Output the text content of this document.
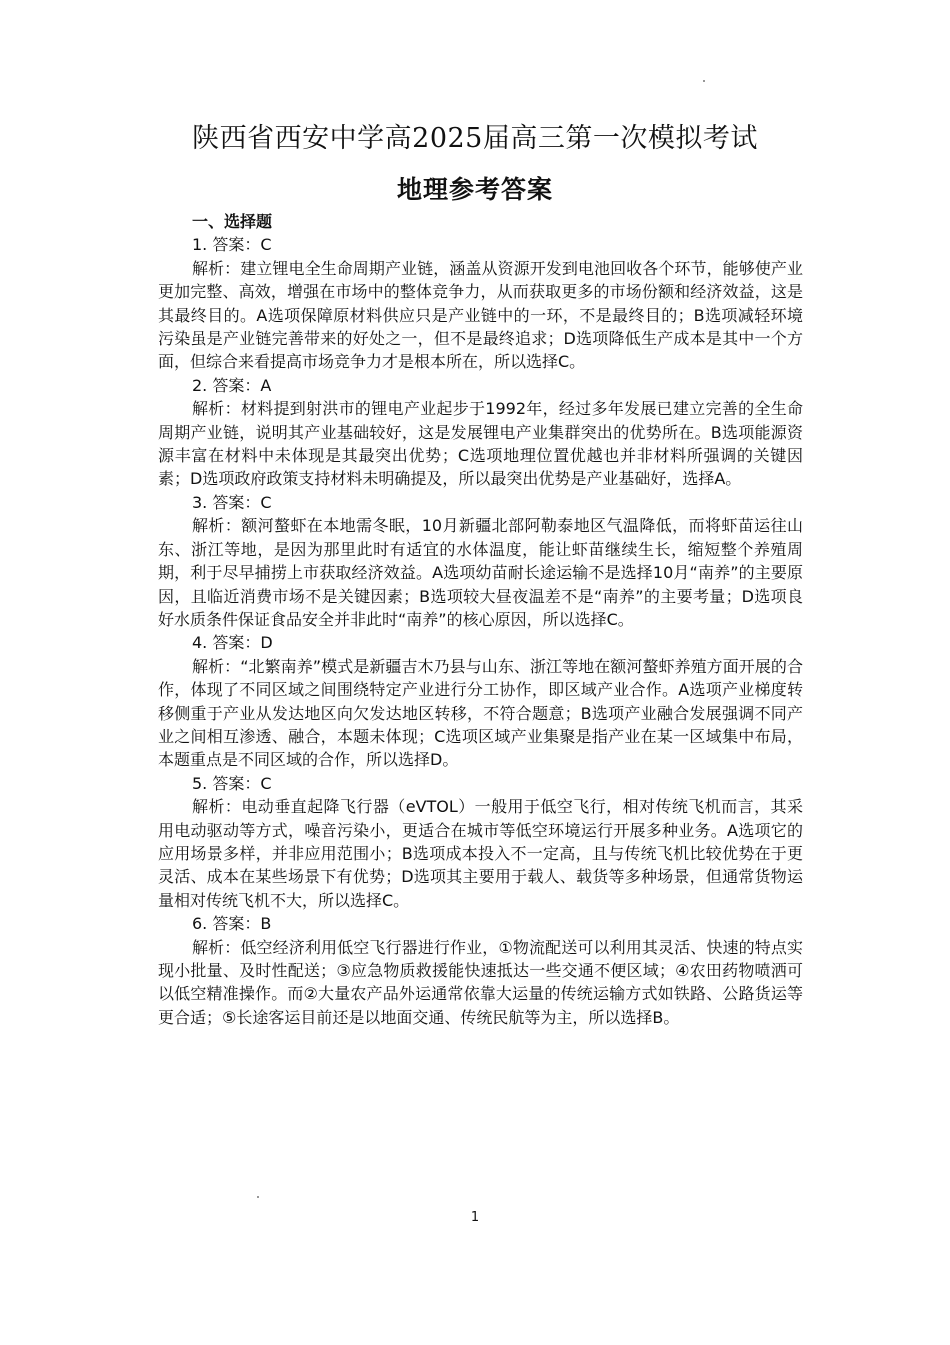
陕西省西安中学高2025届高三第一次模拟考试
地理参考答案

一、选择题

1. 答案：C

解析：建立锂电全生命周期产业链，涵盖从资源开发到电池回收各个环节，能够使产业更加完整、高效，增强在市场中的整体竞争力，从而获取更多的市场份额和经济效益，这是其最终目的。A选项保障原材料供应只是产业链中的一环，不是最终目的；B选项减轻环境污染虽是产业链完善带来的好处之一，但不是最终追求；D选项降低生产成本是其中一个方面，但综合来看提高市场竞争力才是根本所在，所以选择C。

2. 答案：A

解析：材料提到射洪市的锂电产业起步于1992年，经过多年发展已建立完善的全生命周期产业链，说明其产业基础较好，这是发展锂电产业集群突出的优势所在。B选项能源资源丰富在材料中未体现是其最突出优势；C选项地理位置优越也并非材料所强调的关键因素；D选项政府政策支持材料未明确提及，所以最突出优势是产业基础好，选择A。

3. 答案：C

解析：额河螯虾在本地需冬眠，10月新疆北部阿勒泰地区气温降低，而将虾苗运往山东、浙江等地，是因为那里此时有适宜的水体温度，能让虾苗继续生长，缩短整个养殖周期，利于尽早捕捞上市获取经济效益。A选项幼苗耐长途运输不是选择10月“南养”的主要原因，且临近消费市场不是关键因素；B选项较大昼夜温差不是“南养”的主要考量；D选项良好水质条件保证食品安全并非此时“南养”的核心原因，所以选择C。

4. 答案：D

解析：“北繁南养”模式是新疆吉木乃县与山东、浙江等地在额河螯虾养殖方面开展的合作，体现了不同区域之间围绕特定产业进行分工协作，即区域产业合作。A选项产业梯度转移侧重于产业从发达地区向欠发达地区转移，不符合题意；B选项产业融合发展强调不同产业之间相互渗透、融合，本题未体现；C选项区域产业集聚是指产业在某一区域集中布局，本题重点是不同区域的合作，所以选择D。

5. 答案：C

解析：电动垂直起降飞行器（eVTOL）一般用于低空飞行，相对传统飞机而言，其采用电动驱动等方式，噪音污染小，更适合在城市等低空环境运行开展多种业务。A选项它的应用场景多样，并非应用范围小；B选项成本投入不一定高，且与传统飞机比较优势在于更灵活、成本在某些场景下有优势；D选项其主要用于载人、载货等多种场景，但通常货物运量相对传统飞机不大，所以选择C。

6. 答案：B

解析：低空经济利用低空飞行器进行作业，①物流配送可以利用其灵活、快速的特点实现小批量、及时性配送；③应急物质救援能快速抵达一些交通不便区域；④农田药物喷洒可以低空精准操作。而②大量农产品外运通常依靠大运量的传统运输方式如铁路、公路货运等更合适；⑤长途客运目前还是以地面交通、传统民航等为主，所以选择B。

1
